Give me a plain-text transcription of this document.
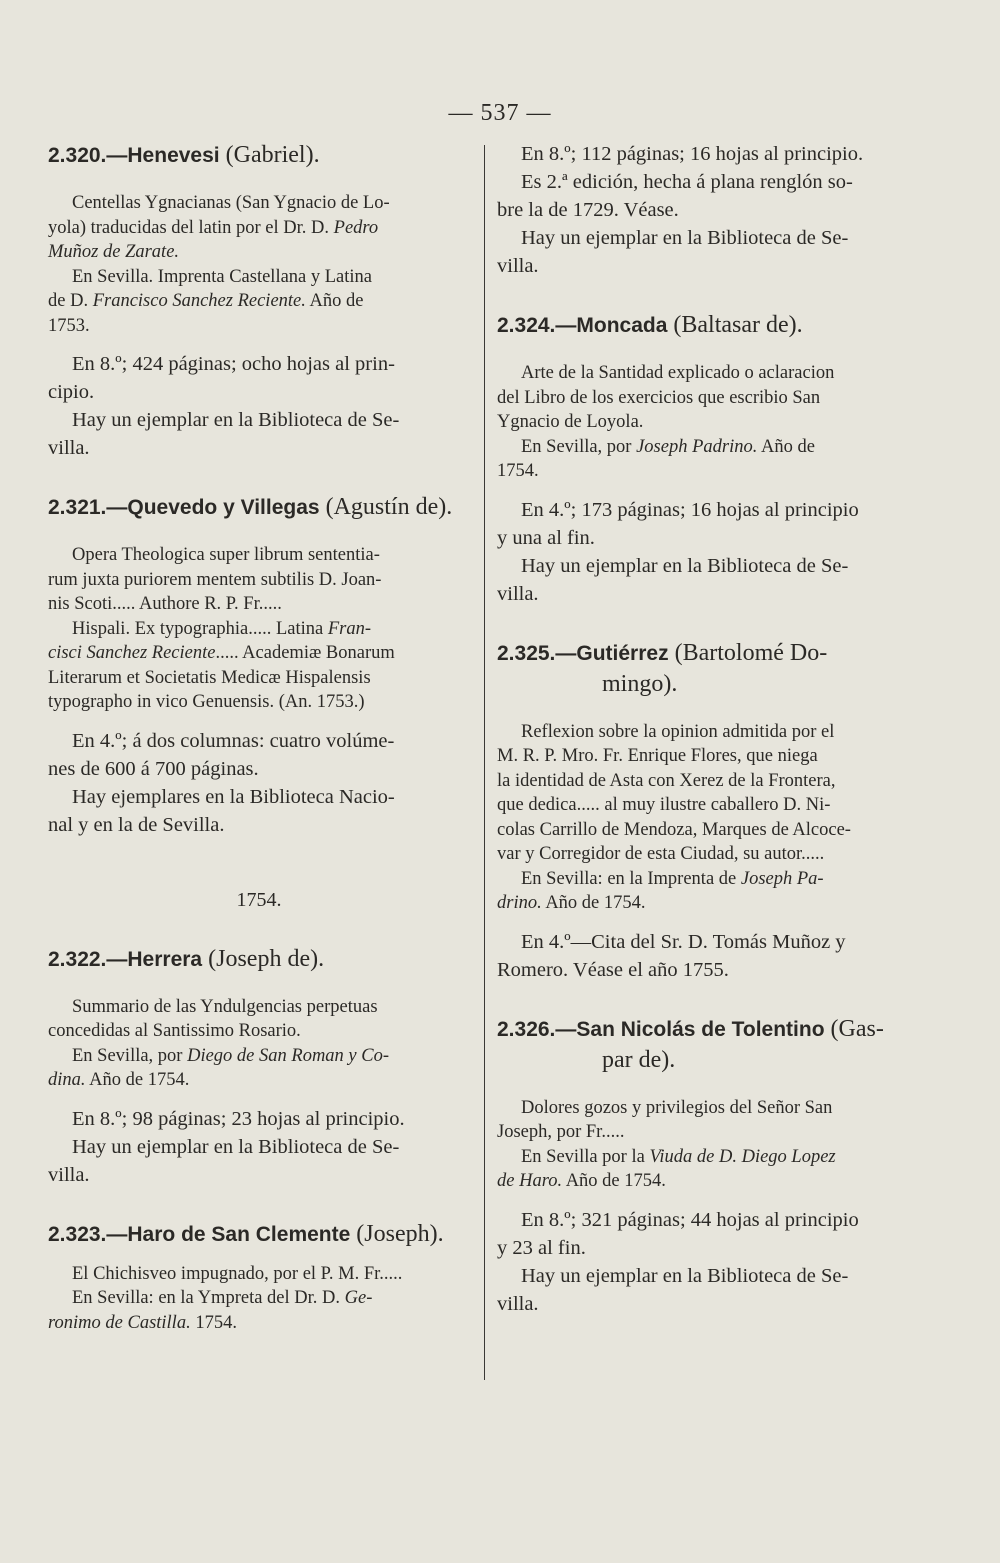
— 537 —

2.320.—Henevesi (Gabriel).

Centellas Ygnacianas (San Ygnacio de Lo-

yola) traducidas del latin por el Dr. D. Pedro

Muñoz de Zarate.

En Sevilla. Imprenta Castellana y Latina

de D. Francisco Sanchez Reciente. Año de

1753.

En 8.º; 424 páginas; ocho hojas al prin-

cipio.

Hay un ejemplar en la Biblioteca de Se-

villa.

2.321.—Quevedo y Villegas (Agustín de).

Opera Theologica super librum sententia-

rum juxta puriorem mentem subtilis D. Joan-

nis Scoti..... Authore R. P. Fr.....

Hispali. Ex typographia..... Latina Fran-

cisci Sanchez Reciente..... Academiæ Bonarum

Literarum et Societatis Medicæ Hispalensis

typographo in vico Genuensis. (An. 1753.)

En 4.º; á dos columnas: cuatro volúme-

nes de 600 á 700 páginas.

Hay ejemplares en la Biblioteca Nacio-

nal y en la de Sevilla.

1754.

2.322.—Herrera (Joseph de).

Summario de las Yndulgencias perpetuas

concedidas al Santissimo Rosario.

En Sevilla, por Diego de San Roman y Co-

dina. Año de 1754.

En 8.º; 98 páginas; 23 hojas al principio.

Hay un ejemplar en la Biblioteca de Se-

villa.

2.323.—Haro de San Clemente (Joseph).

El Chichisveo impugnado, por el P. M. Fr.....

En Sevilla: en la Ympreta del Dr. D. Ge-

ronimo de Castilla. 1754.

En 8.º; 112 páginas; 16 hojas al principio.

Es 2.ª edición, hecha á plana renglón so-

bre la de 1729. Véase.

Hay un ejemplar en la Biblioteca de Se-

villa.

2.324.—Moncada (Baltasar de).

Arte de la Santidad explicado o aclaracion

del Libro de los exercicios que escribio San

Ygnacio de Loyola.

En Sevilla, por Joseph Padrino. Año de

1754.

En 4.º; 173 páginas; 16 hojas al principio

y una al fin.

Hay un ejemplar en la Biblioteca de Se-

villa.

2.325.—Gutiérrez (Bartolomé Do-

mingo).

Reflexion sobre la opinion admitida por el

M. R. P. Mro. Fr. Enrique Flores, que niega

la identidad de Asta con Xerez de la Frontera,

que dedica..... al muy ilustre caballero D. Ni-

colas Carrillo de Mendoza, Marques de Alcoce-

var y Corregidor de esta Ciudad, su autor.....

En Sevilla: en la Imprenta de Joseph Pa-

drino. Año de 1754.

En 4.º—Cita del Sr. D. Tomás Muñoz y

Romero. Véase el año 1755.

2.326.—San Nicolás de Tolentino (Gas-

par de).

Dolores gozos y privilegios del Señor San

Joseph, por Fr.....

En Sevilla por la Viuda de D. Diego Lopez

de Haro. Año de 1754.

En 8.º; 321 páginas; 44 hojas al principio

y 23 al fin.

Hay un ejemplar en la Biblioteca de Se-

villa.
